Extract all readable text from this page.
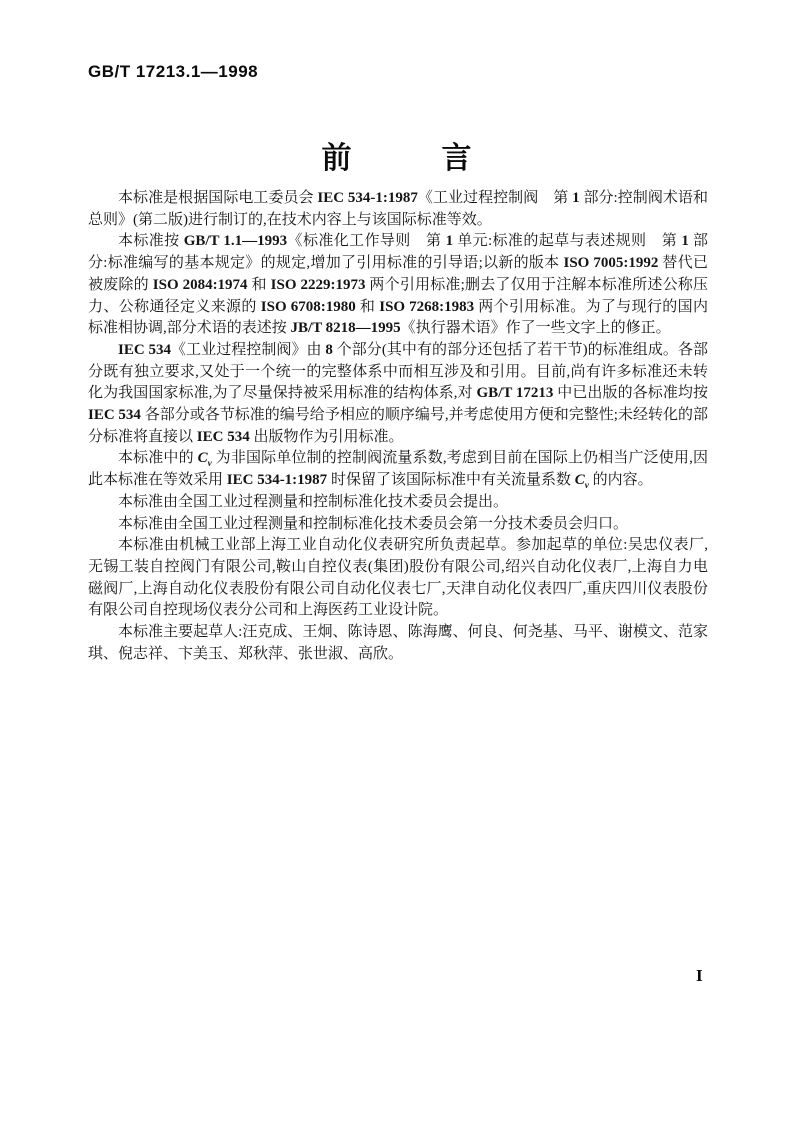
GB/T 17213.1—1998
前　　　言

本标准是根据国际电工委员会 IEC 534-1:1987《工业过程控制阀　第 1 部分:控制阀术语和总则》(第二版)进行制订的,在技术内容上与该国际标准等效。

本标准按 GB/T 1.1—1993《标准化工作导则　第 1 单元:标准的起草与表述规则　第 1 部分:标准编写的基本规定》的规定,增加了引用标准的引导语;以新的版本 ISO 7005:1992 替代已被废除的 ISO 2084:1974 和 ISO 2229:1973 两个引用标准;删去了仅用于注解本标准所述公称压力、公称通径定义来源的 ISO 6708:1980 和 ISO 7268:1983 两个引用标准。为了与现行的国内标准相协调,部分术语的表述按 JB/T 8218—1995《执行器术语》作了一些文字上的修正。

IEC 534《工业过程控制阀》由 8 个部分(其中有的部分还包括了若干节)的标准组成。各部分既有独立要求,又处于一个统一的完整体系中而相互涉及和引用。目前,尚有许多标准还未转化为我国国家标准,为了尽量保持被采用标准的结构体系,对 GB/T 17213 中已出版的各标准均按 IEC 534 各部分或各节标准的编号给予相应的顺序编号,并考虑使用方便和完整性;未经转化的部分标准将直接以 IEC 534 出版物作为引用标准。

本标准中的 $C_v$ 为非国际单位制的控制阀流量系数,考虑到目前在国际上仍相当广泛使用,因此本标准在等效采用 IEC 534-1:1987 时保留了该国际标准中有关流量系数 $C_v$ 的内容。

本标准由全国工业过程测量和控制标准化技术委员会提出。

本标准由全国工业过程测量和控制标准化技术委员会第一分技术委员会归口。

本标准由机械工业部上海工业自动化仪表研究所负责起草。参加起草的单位:吴忠仪表厂,无锡工装自控阀门有限公司,鞍山自控仪表(集团)股份有限公司,绍兴自动化仪表厂,上海自力电磁阀厂,上海自动化仪表股份有限公司自动化仪表七厂,天津自动化仪表四厂,重庆四川仪表股份有限公司自控现场仪表分公司和上海医药工业设计院。

本标准主要起草人:汪克成、王炯、陈诗恩、陈海鹰、何良、何尧基、马平、谢模文、范家琪、倪志祥、卞美玉、郑秋萍、张世淑、高欣。

I
